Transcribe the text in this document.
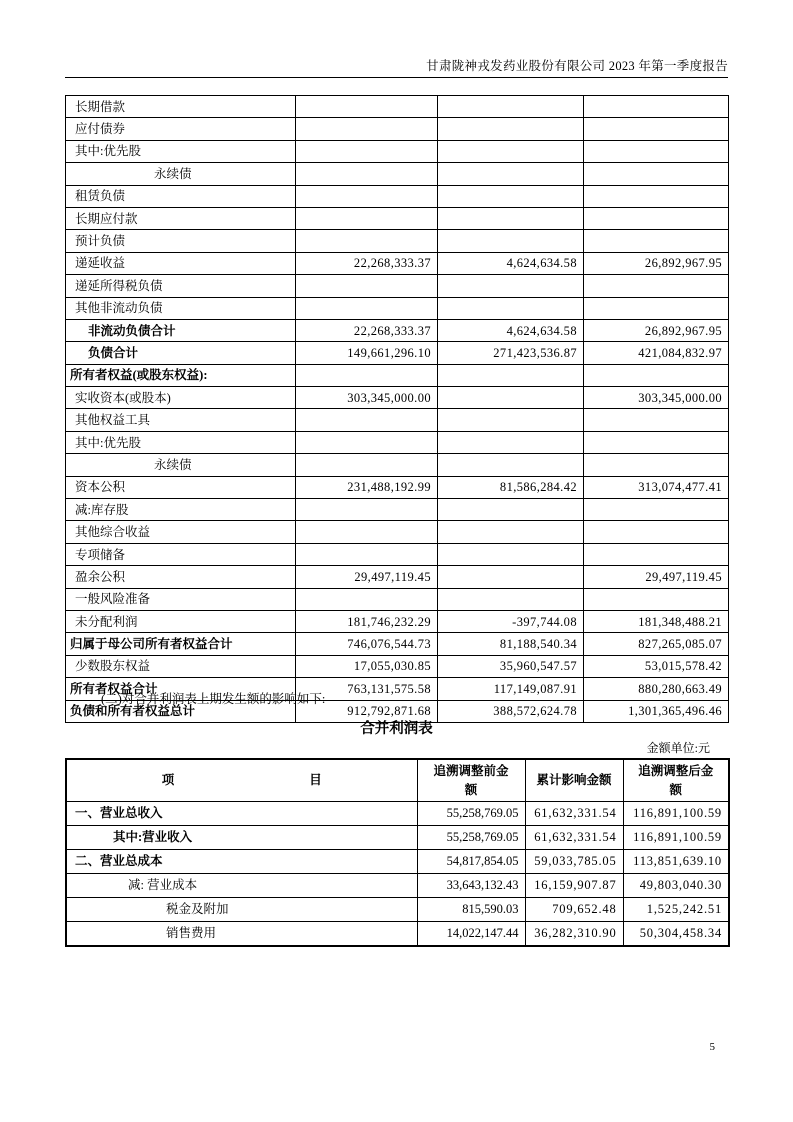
甘肃陇神戎发药业股份有限公司 2023 年第一季度报告
长期借款			
应付债券			
其中:优先股			
永续债			
租赁负债			
长期应付款			
预计负债			
递延收益	22,268,333.37	4,624,634.58	26,892,967.95
递延所得税负债			
其他非流动负债			
非流动负债合计	22,268,333.37	4,624,634.58	26,892,967.95
负债合计	149,661,296.10	271,423,536.87	421,084,832.97
所有者权益(或股东权益):			
实收资本(或股本)	303,345,000.00		303,345,000.00
其他权益工具			
其中:优先股			
永续债			
资本公积	231,488,192.99	81,586,284.42	313,074,477.41
减:库存股			
其他综合收益			
专项储备			
盈余公积	29,497,119.45		29,497,119.45
一般风险准备			
未分配利润	181,746,232.29	-397,744.08	181,348,488.21
归属于母公司所有者权益合计	746,076,544.73	81,188,540.34	827,265,085.07
少数股东权益	17,055,030.85	35,960,547.57	53,015,578.42
所有者权益合计	763,131,575.58	117,149,087.91	880,280,663.49
负债和所有者权益总计	912,792,871.68	388,572,624.78	1,301,365,496.46
(二)对合并利润表上期发生额的影响如下:
合并利润表
金额单位:元
项 目	追溯调整前金额	累计影响金额	追溯调整后金额
一、营业总收入	55,258,769.05	61,632,331.54	116,891,100.59
其中:营业收入	55,258,769.05	61,632,331.54	116,891,100.59
二、营业总成本	54,817,854.05	59,033,785.05	113,851,639.10
减: 营业成本	33,643,132.43	16,159,907.87	49,803,040.30
税金及附加	815,590.03	709,652.48	1,525,242.51
销售费用	14,022,147.44	36,282,310.90	50,304,458.34
5
